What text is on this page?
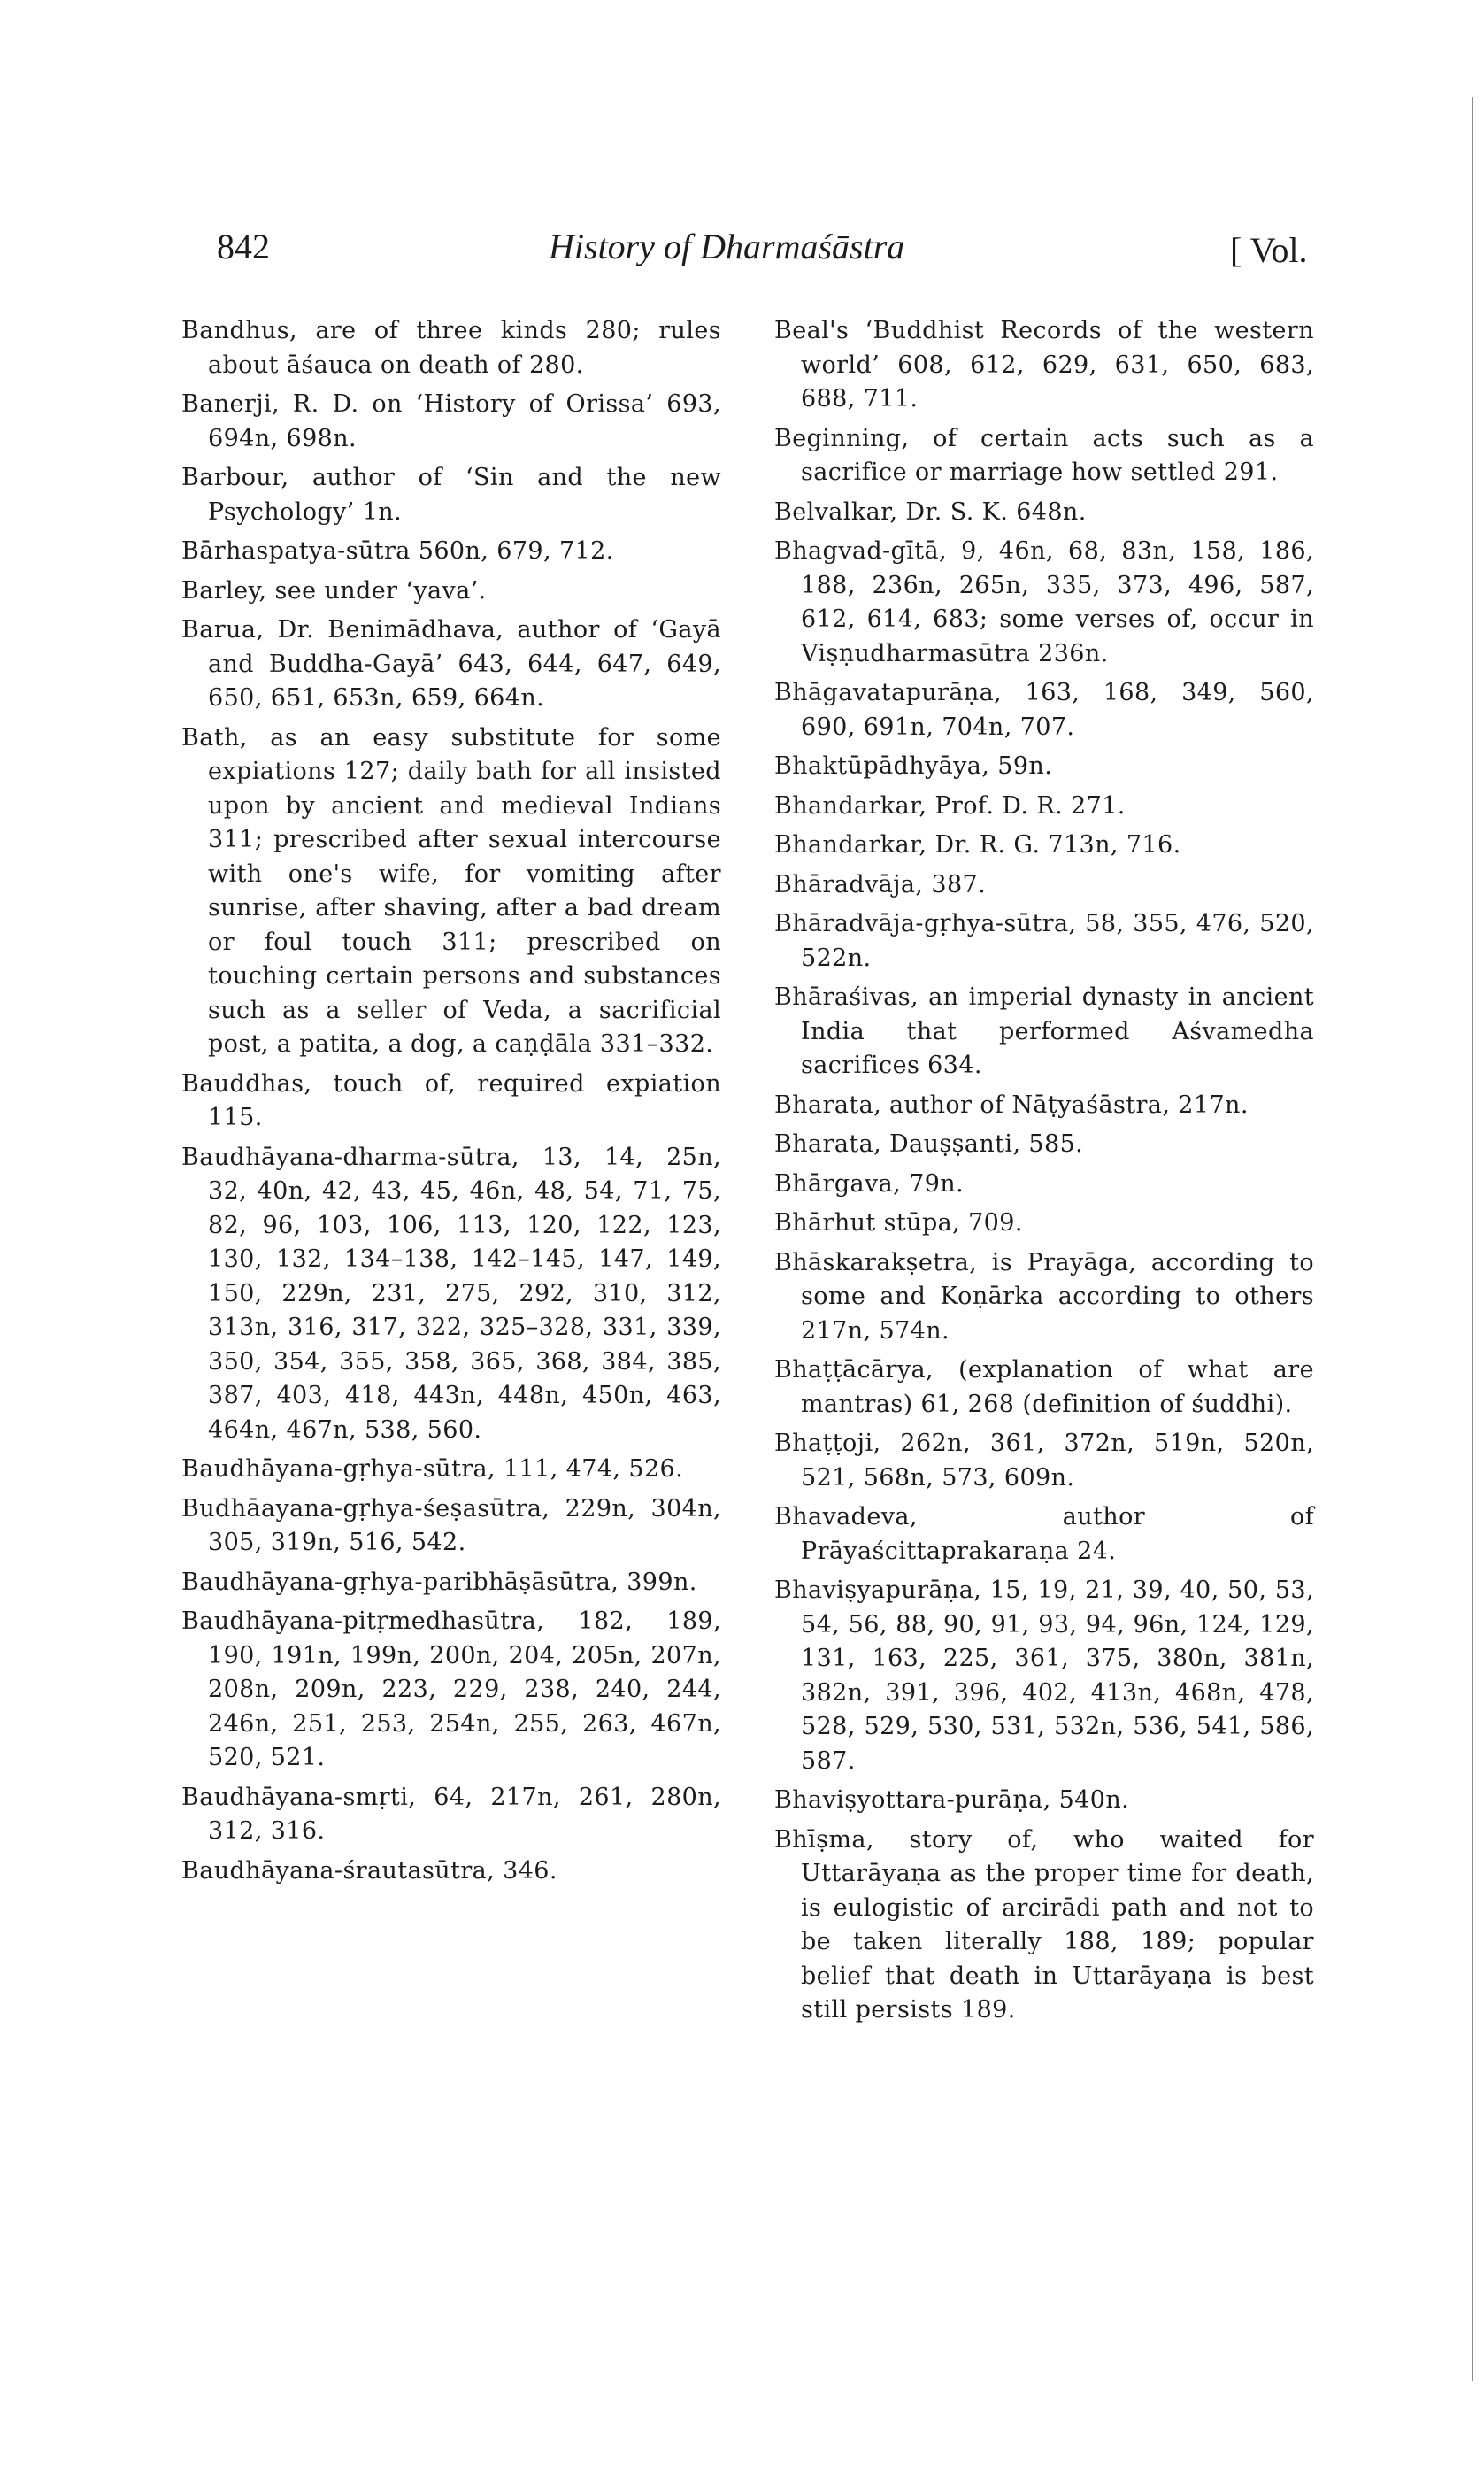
842	History of Dharmaśāstra	[ Vol.

Bandhus, are of three kinds 280; rules about āśauca on death of 280.

Banerji, R. D. on ‘History of Orissa’ 693, 694n, 698n.

Barbour, author of ‘Sin and the new Psychology’ 1n.

Bārhaspatya-sūtra 560n, 679, 712.

Barley, see under ‘yava’.

Barua, Dr. Benimādhava, author of ‘Gayā and Buddha-Gayā’ 643, 644, 647, 649, 650, 651, 653n, 659, 664n.

Bath, as an easy substitute for some expiations 127; daily bath for all insisted upon by ancient and medieval Indians 311; prescribed after sexual intercourse with one's wife, for vomiting after sunrise, after shaving, after a bad dream or foul touch 311; prescribed on touching certain persons and substances such as a seller of Veda, a sacrificial post, a patita, a dog, a caṇḍāla 331–332.

Bauddhas, touch of, required expiation 115.

Baudhāyana-dharma-sūtra, 13, 14, 25n, 32, 40n, 42, 43, 45, 46n, 48, 54, 71, 75, 82, 96, 103, 106, 113, 120, 122, 123, 130, 132, 134–138, 142–145, 147, 149, 150, 229n, 231, 275, 292, 310, 312, 313n, 316, 317, 322, 325–328, 331, 339, 350, 354, 355, 358, 365, 368, 384, 385, 387, 403, 418, 443n, 448n, 450n, 463, 464n, 467n, 538, 560.

Baudhāyana-gṛhya-sūtra, 111, 474, 526.

Budhāayana-gṛhya-śeṣasūtra, 229n, 304n, 305, 319n, 516, 542.

Baudhāyana-gṛhya-paribhāṣāsūtra, 399n.

Baudhāyana-pitṛmedhasūtra, 182, 189, 190, 191n, 199n, 200n, 204, 205n, 207n, 208n, 209n, 223, 229, 238, 240, 244, 246n, 251, 253, 254n, 255, 263, 467n, 520, 521.

Baudhāyana-smṛti, 64, 217n, 261, 280n, 312, 316.

Baudhāyana-śrautasūtra, 346.

Beal's ‘Buddhist Records of the western world’ 608, 612, 629, 631, 650, 683, 688, 711.

Beginning, of certain acts such as a sacrifice or marriage how settled 291.

Belvalkar, Dr. S. K. 648n.

Bhagvad-gītā, 9, 46n, 68, 83n, 158, 186, 188, 236n, 265n, 335, 373, 496, 587, 612, 614, 683; some verses of, occur in Viṣṇudharmasūtra 236n.

Bhāgavatapurāṇa, 163, 168, 349, 560, 690, 691n, 704n, 707.

Bhaktūpādhyāya, 59n.

Bhandarkar, Prof. D. R. 271.

Bhandarkar, Dr. R. G. 713n, 716.

Bhāradvāja, 387.

Bhāradvāja-gṛhya-sūtra, 58, 355, 476, 520, 522n.

Bhāraśivas, an imperial dynasty in ancient India that performed Aśvamedha sacrifices 634.

Bharata, author of Nāṭyaśāstra, 217n.

Bharata, Dauṣṣanti, 585.

Bhārgava, 79n.

Bhārhut stūpa, 709.

Bhāskarakṣetra, is Prayāga, according to some and Koṇārka according to others 217n, 574n.

Bhaṭṭācārya, (explanation of what are mantras) 61, 268 (definition of śuddhi).

Bhaṭṭoji, 262n, 361, 372n, 519n, 520n, 521, 568n, 573, 609n.

Bhavadeva, author of Prāyaścittaprakaraṇa 24.

Bhaviṣyapurāṇa, 15, 19, 21, 39, 40, 50, 53, 54, 56, 88, 90, 91, 93, 94, 96n, 124, 129, 131, 163, 225, 361, 375, 380n, 381n, 382n, 391, 396, 402, 413n, 468n, 478, 528, 529, 530, 531, 532n, 536, 541, 586, 587.

Bhaviṣyottara-purāṇa, 540n.

Bhīṣma, story of, who waited for Uttarāyaṇa as the proper time for death, is eulogistic of arcirādi path and not to be taken literally 188, 189; popular belief that death in Uttarāyaṇa is best still persists 189.
